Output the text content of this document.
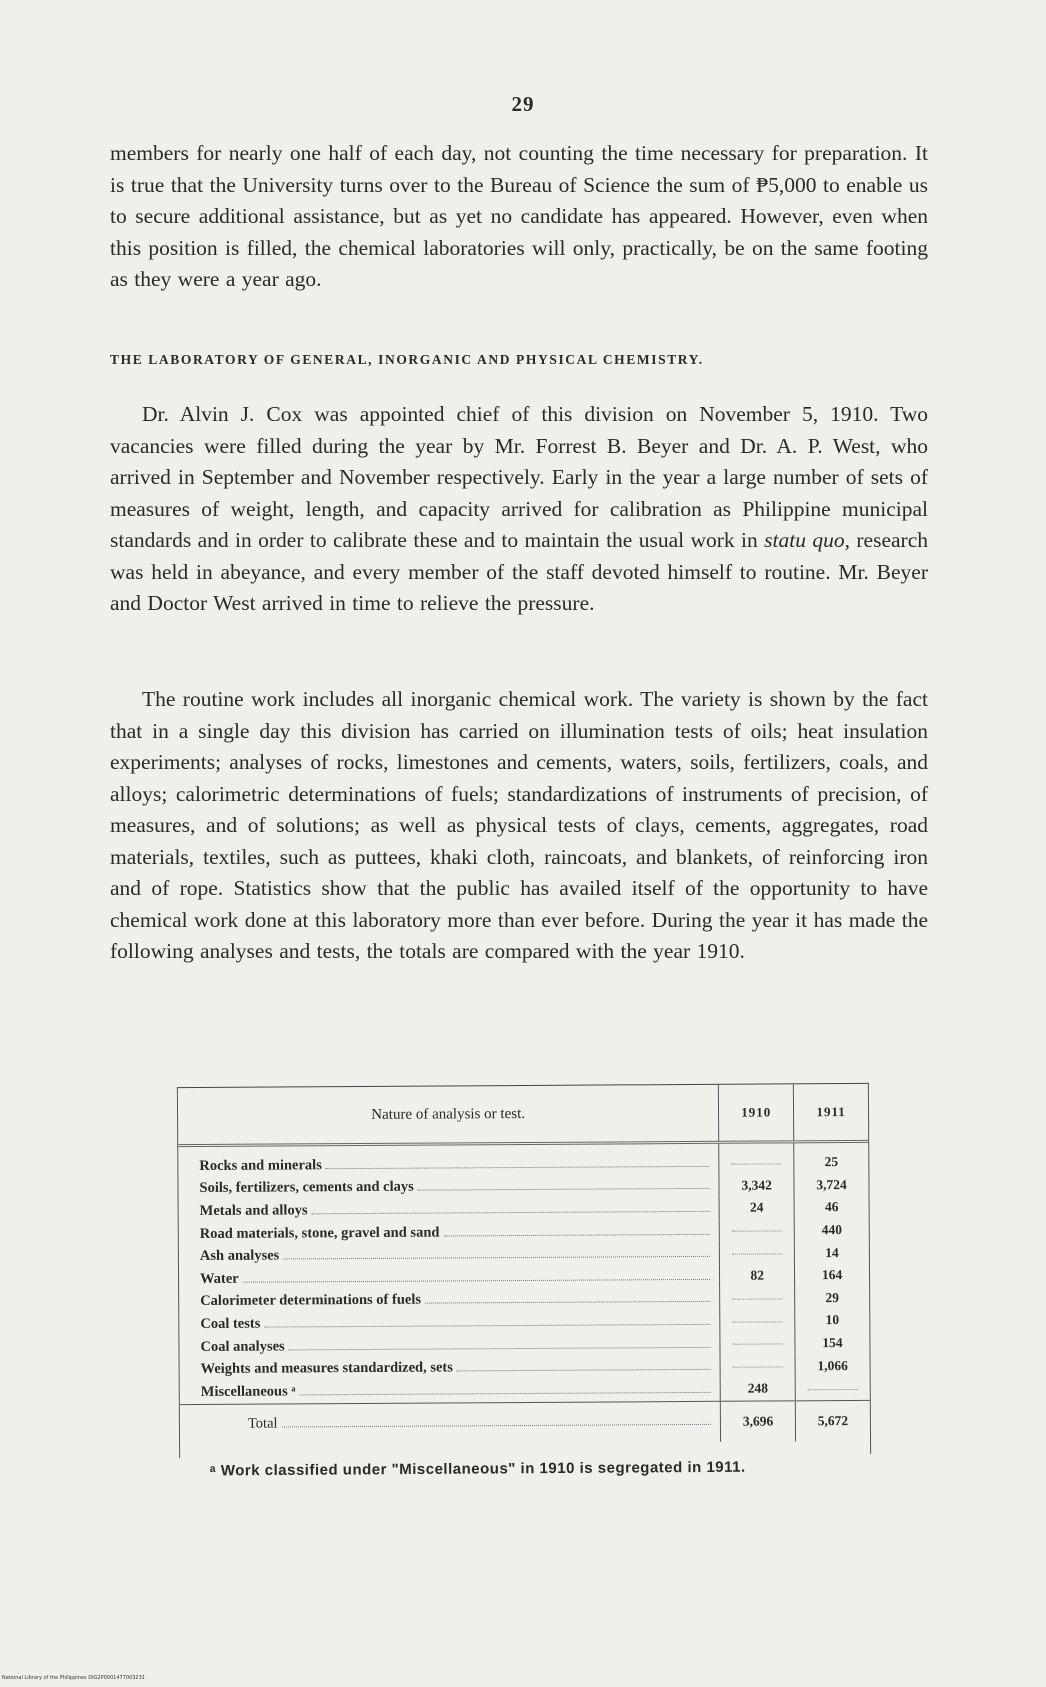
29

members for nearly one half of each day, not counting the time necessary for preparation. It is true that the University turns over to the Bureau of Science the sum of ₱5,000 to enable us to secure additional assistance, but as yet no candidate has appeared. However, even when this position is filled, the chemical laboratories will only, practically, be on the same footing as they were a year ago.

THE LABORATORY OF GENERAL, INORGANIC AND PHYSICAL CHEMISTRY.

Dr. Alvin J. Cox was appointed chief of this division on November 5, 1910. Two vacancies were filled during the year by Mr. Forrest B. Beyer and Dr. A. P. West, who arrived in September and November respectively. Early in the year a large number of sets of measures of weight, length, and capacity arrived for calibration as Philippine municipal standards and in order to calibrate these and to maintain the usual work in statu quo, research was held in abeyance, and every member of the staff devoted himself to routine. Mr. Beyer and Doctor West arrived in time to relieve the pressure.

The routine work includes all inorganic chemical work. The variety is shown by the fact that in a single day this division has carried on illumination tests of oils; heat insulation experiments; analyses of rocks, limestones and cements, waters, soils, fertilizers, coals, and alloys; calorimetric determinations of fuels; standardizations of instruments of precision, of measures, and of solutions; as well as physical tests of clays, cements, aggregates, road materials, textiles, such as puttees, khaki cloth, raincoats, and blankets, of reinforcing iron and of rope. Statistics show that the public has availed itself of the opportunity to have chemical work done at this laboratory more than ever before. During the year it has made the following analyses and tests, the totals are compared with the year 1910.

Nature of analysis or test.	1910	1911

Rocks and minerals		25

Soils, fertilizers, cements and clays	3,342	3,724

Metals and alloys	24	46

Road materials, stone, gravel and sand		440

Ash analyses		14

Water	82	164

Calorimeter determinations of fuels		29

Coal tests		10

Coal analyses		154

Weights and measures standardized, sets		1,066

Miscellaneous ᵃ	248	

Total	3,696	5,672

ᵃ Work classified under "Miscellaneous" in 1910 is segregated in 1911.

National Library of the Philippines DIG2P0001477003231
